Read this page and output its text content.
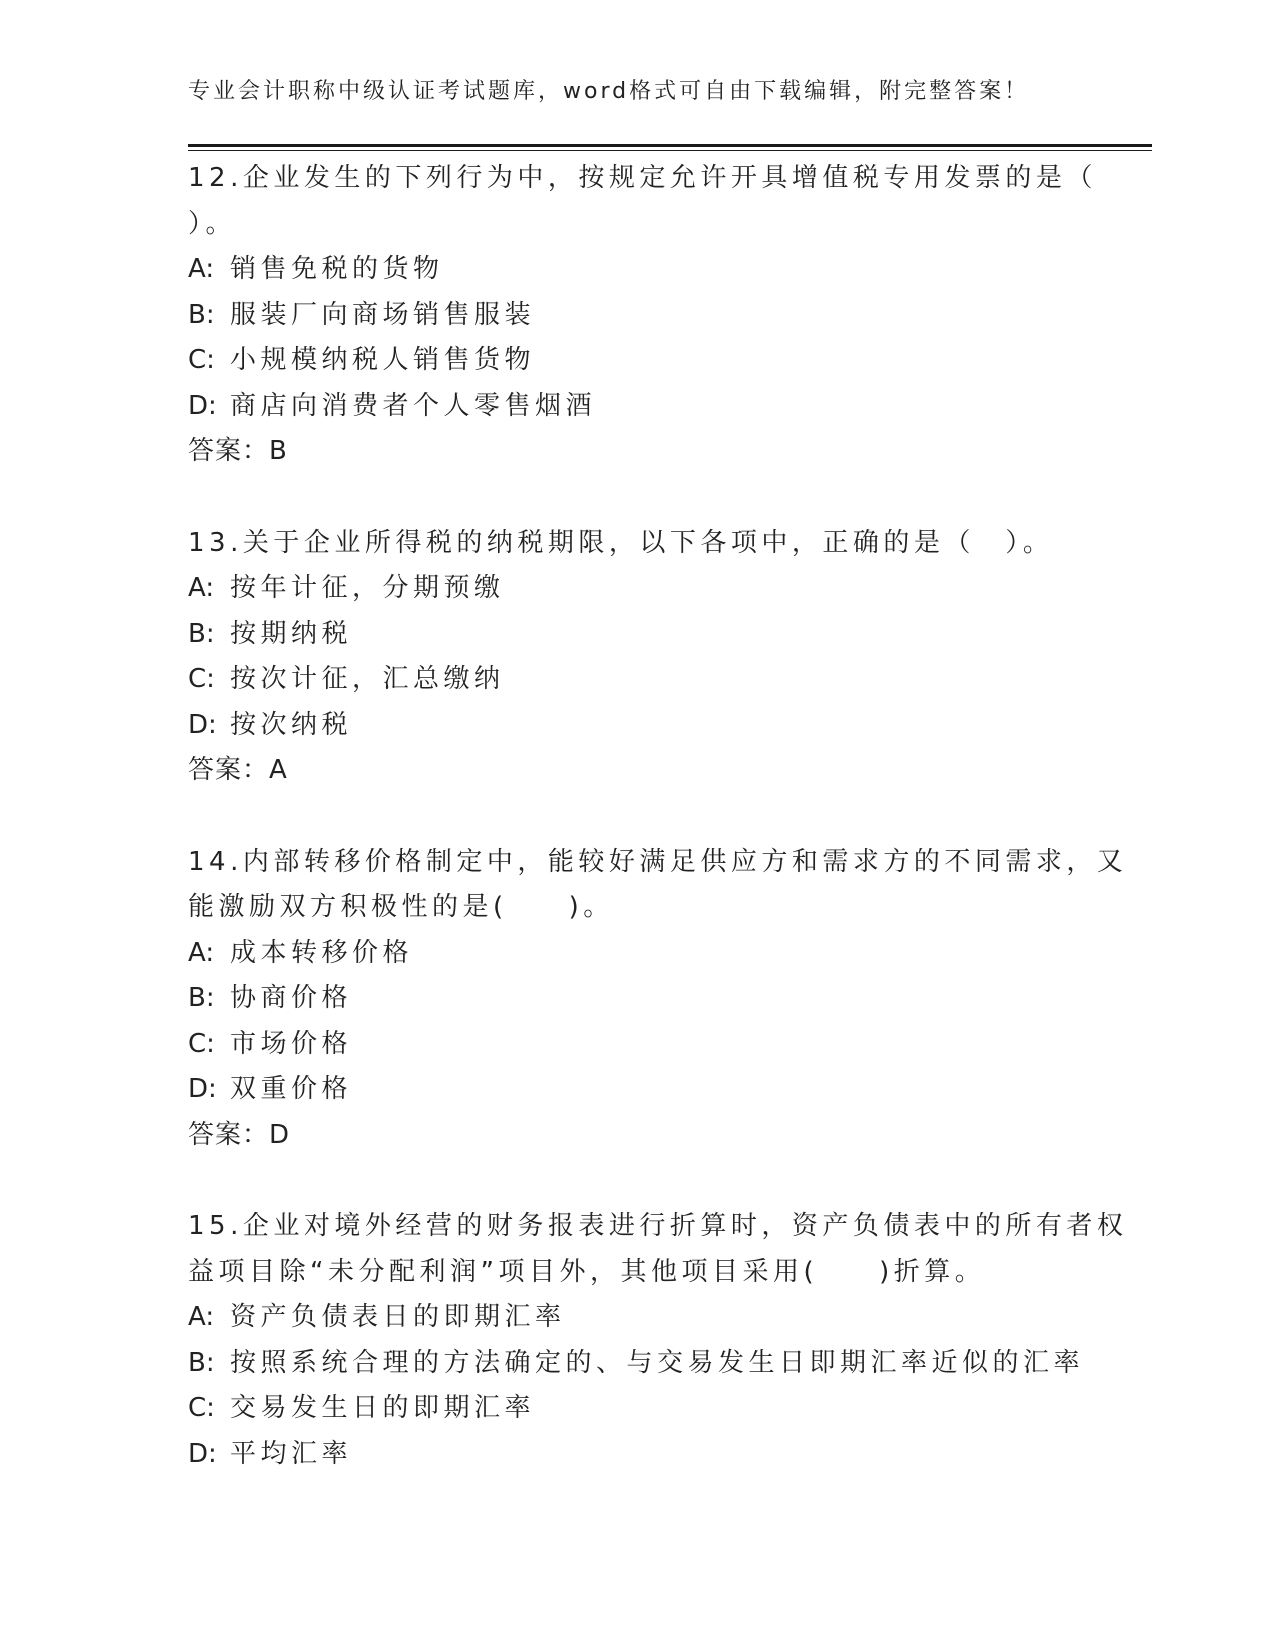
专业会计职称中级认证考试题库，word格式可自由下载编辑，附完整答案！

12.企业发生的下列行为中，按规定允许开具增值税专用发票的是（

）。

A: 销售免税的货物
B: 服装厂向商场销售服装
C: 小规模纳税人销售货物
D: 商店向消费者个人零售烟酒
答案：B

13.关于企业所得税的纳税期限，以下各项中，正确的是（　）。

A: 按年计征，分期预缴
B: 按期纳税
C: 按次计征，汇总缴纳
D: 按次纳税
答案：A

14.内部转移价格制定中，能较好满足供应方和需求方的不同需求，又

能激励双方积极性的是(　　)。

A: 成本转移价格
B: 协商价格
C: 市场价格
D: 双重价格
答案：D

15.企业对境外经营的财务报表进行折算时，资产负债表中的所有者权

益项目除“未分配利润”项目外，其他项目采用(　　)折算。

A: 资产负债表日的即期汇率
B: 按照系统合理的方法确定的、与交易发生日即期汇率近似的汇率
C: 交易发生日的即期汇率
D: 平均汇率
